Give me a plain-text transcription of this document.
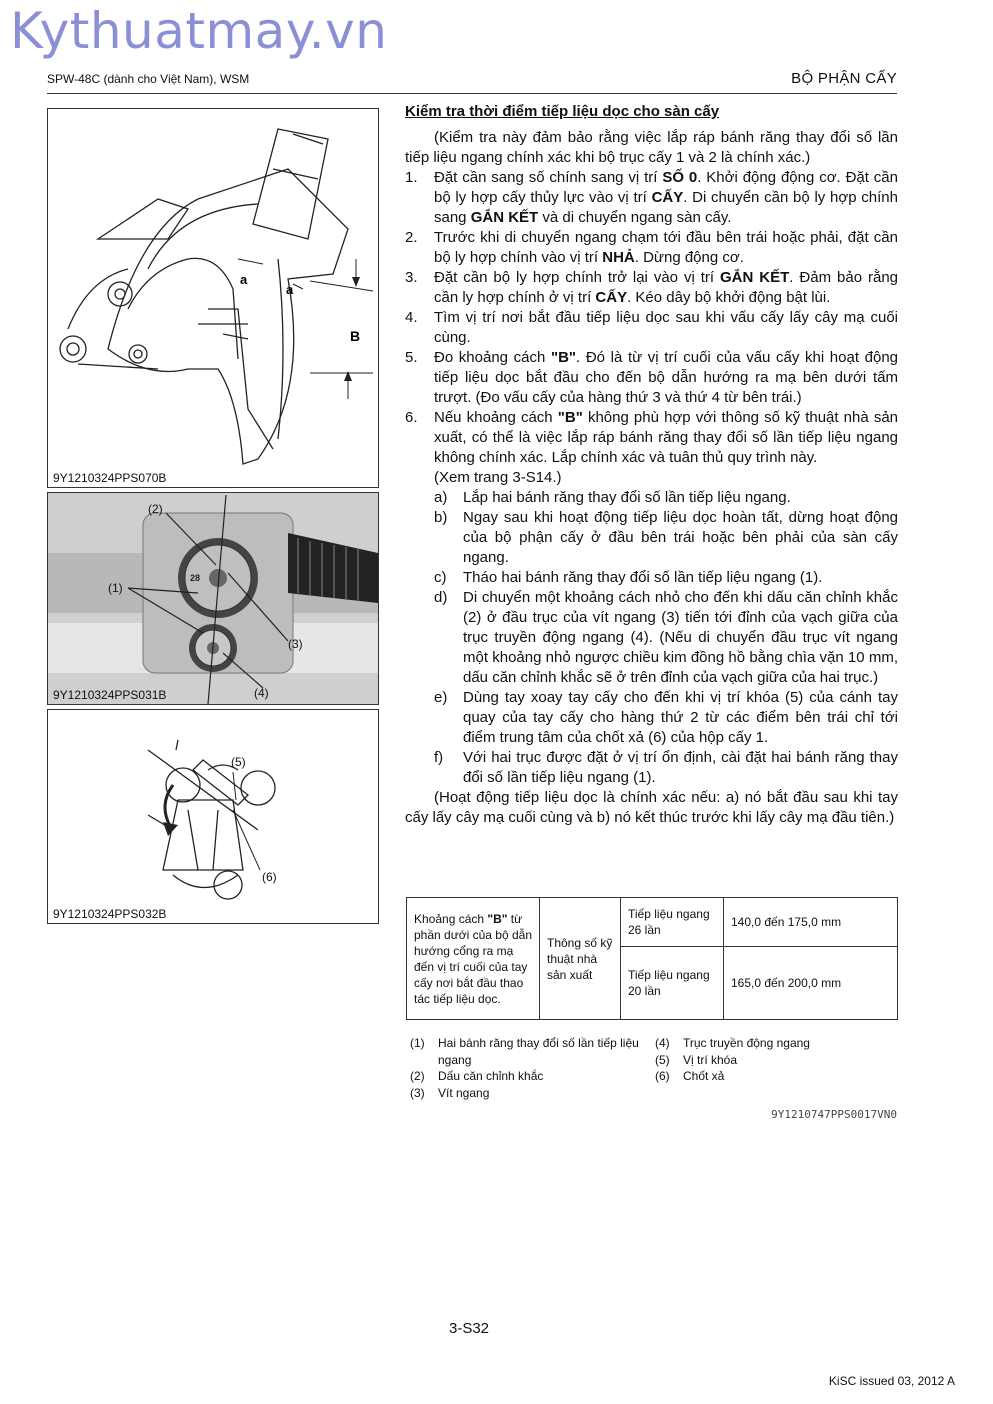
Kythuatmay.vn
SPW-48C (dành cho Việt Nam), WSM	BỘ PHẬN CẤY
a
a
B
9Y1210324PPS070B
28
(2)
(1)
(3)
(4)
9Y1210324PPS031B
(5)
(6)
9Y1210324PPS032B
Kiểm tra thời điểm tiếp liệu dọc cho sàn cấy
(Kiểm tra này đảm bảo rằng việc lắp ráp bánh răng thay đổi số lần tiếp liệu ngang chính xác khi bộ trục cấy 1 và 2 là chính xác.)
1.	Đặt cần sang số chính sang vị trí SỐ 0. Khởi động động cơ. Đặt cần bộ ly hợp cấy thủy lực vào vị trí CẤY. Di chuyển cần bộ ly hợp chính sang GẮN KẾT và di chuyển ngang sàn cấy.
2.	Trước khi di chuyển ngang chạm tới đầu bên trái hoặc phải, đặt cần bộ ly hợp chính vào vị trí NHẢ. Dừng động cơ.
3.	Đặt cần bộ ly hợp chính trở lại vào vị trí GẮN KẾT. Đảm bảo rằng cần ly hợp chính ở vị trí CẤY. Kéo dây bộ khởi động bật lùi.
4.	Tìm vị trí nơi bắt đầu tiếp liệu dọc sau khi vấu cấy lấy cây mạ cuối cùng.
5.	Đo khoảng cách "B". Đó là từ vị trí cuối của vấu cấy khi hoạt động tiếp liệu dọc bắt đầu cho đến bộ dẫn hướng ra mạ bên dưới tấm trượt. (Đo vấu cấy của hàng thứ 3 và thứ 4 từ bên trái.)
6.	Nếu khoảng cách "B" không phù hợp với thông số kỹ thuật nhà sản xuất, có thể là việc lắp ráp bánh răng thay đổi số lần tiếp liệu ngang không chính xác. Lắp chính xác và tuân thủ quy trình này.
(Xem trang 3-S14.)
a)	Lắp hai bánh răng thay đổi số lần tiếp liệu ngang.
b)	Ngay sau khi hoạt động tiếp liệu dọc hoàn tất, dừng hoạt động của bộ phận cấy ở đầu bên trái hoặc bên phải của sàn cấy ngang.
c)	Tháo hai bánh răng thay đổi số lần tiếp liệu ngang (1).
d)	Di chuyển một khoảng cách nhỏ cho đến khi dấu căn chỉnh khắc (2) ở đầu trục của vít ngang (3) tiến tới đỉnh của vạch giữa của trục truyền động ngang (4). (Nếu di chuyển đầu trục vít ngang một khoảng nhỏ ngược chiều kim đồng hồ bằng chìa vặn 10 mm, dấu căn chỉnh khắc sẽ ở trên đỉnh của vạch giữa của hai trục.)
e)	Dùng tay xoay tay cấy cho đến khi vị trí khóa (5) của cánh tay quay của tay cấy cho hàng thứ 2 từ các điểm bên trái chỉ tới điểm trung tâm của chốt xả (6) của hộp cấy 1.
f)	Với hai trục được đặt ở vị trí ổn định, cài đặt hai bánh răng thay đổi số lần tiếp liệu ngang (1).
(Hoạt động tiếp liệu dọc là chính xác nếu: a) nó bắt đầu sau khi tay cấy lấy cây mạ cuối cùng và b) nó kết thúc trước khi lấy cây mạ đầu tiên.)
Khoảng cách "B" từ phần dưới của bộ dẫn hướng cổng ra mạ đến vị trí cuối của tay cấy nơi bắt đầu thao tác tiếp liệu dọc.	Thông số kỹ thuật nhà sản xuất	Tiếp liệu ngang 26 lần	140,0 đến 175,0 mm
		Tiếp liệu ngang 20 lần	165,0 đến 200,0 mm
(1)	Hai bánh răng thay đổi số lần tiếp liệu ngang
(2)	Dấu căn chỉnh khắc
(3)	Vít ngang
(4)	Trục truyền động ngang
(5)	Vị trí khóa
(6)	Chốt xả
9Y1210747PPS0017VN0
3-S32
KiSC issued 03, 2012 A
